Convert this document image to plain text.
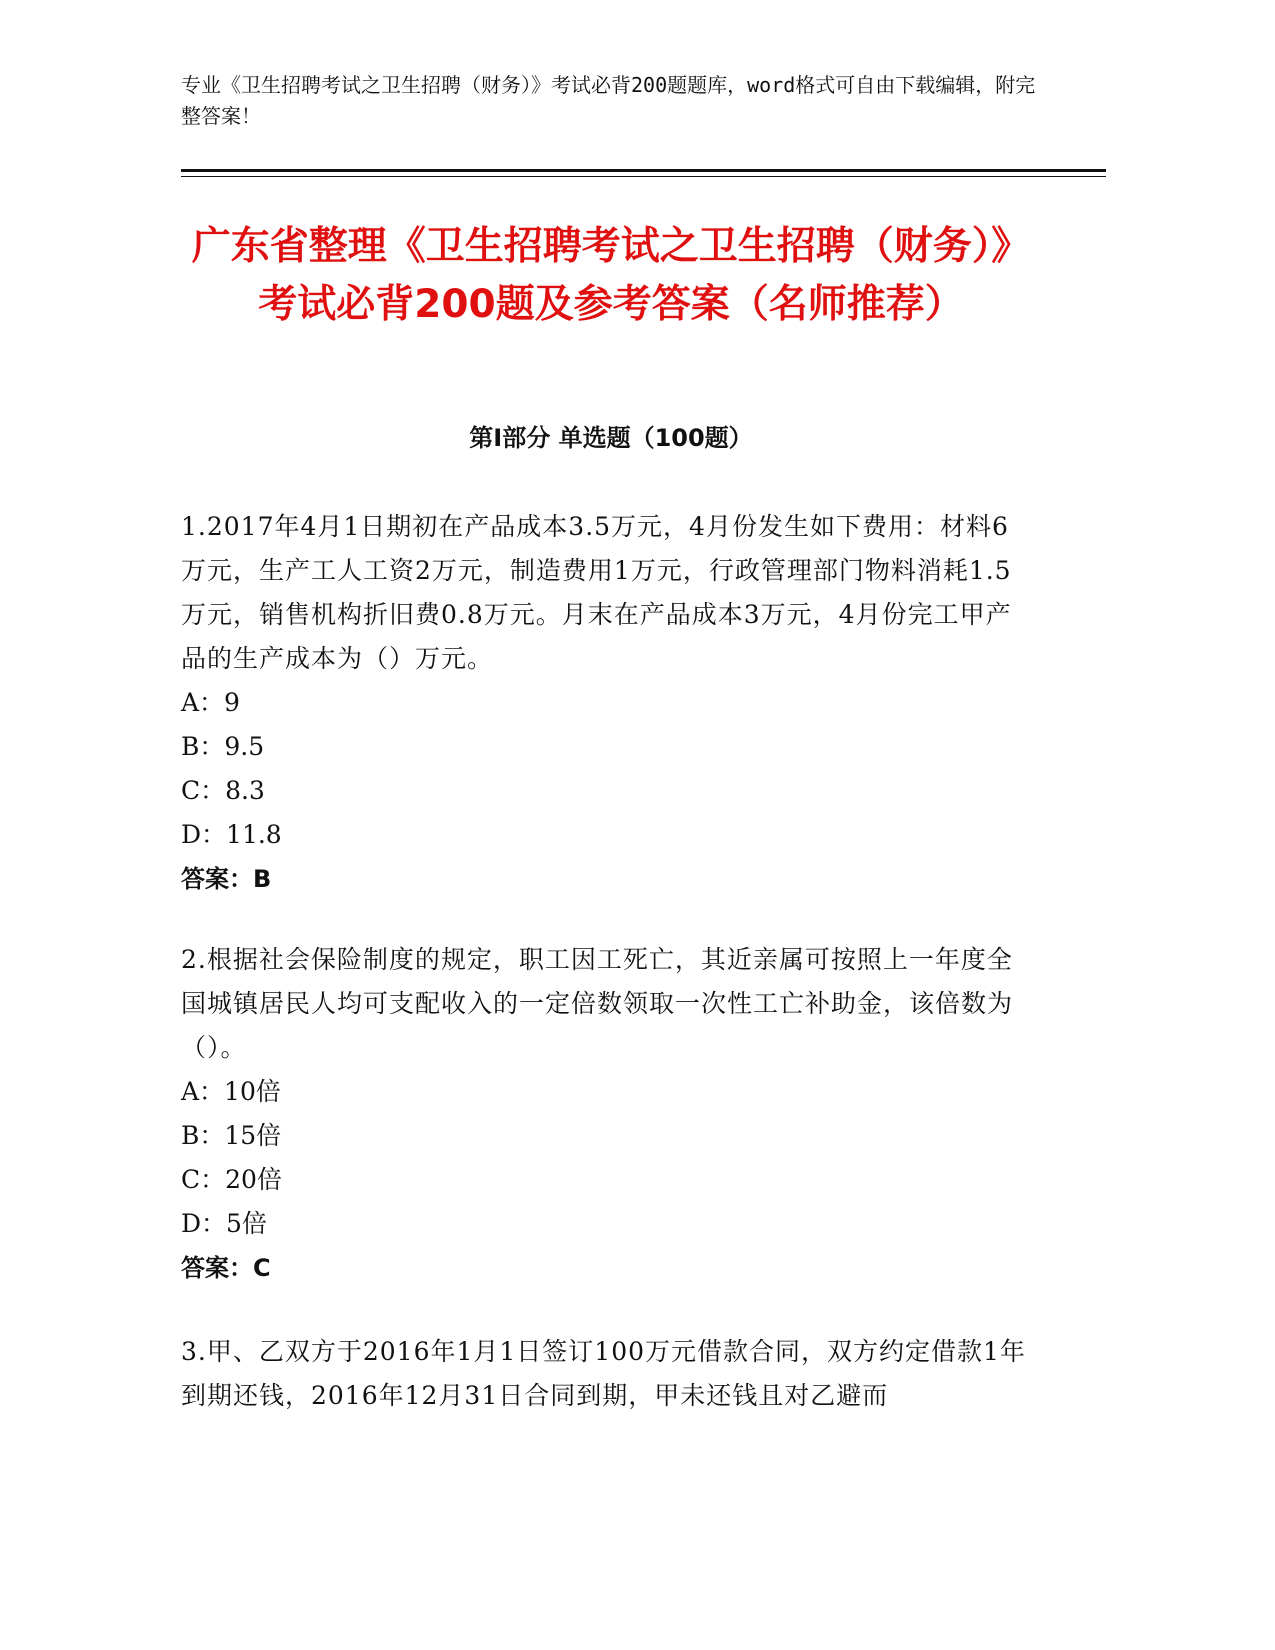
专业《卫生招聘考试之卫生招聘（财务）》考试必背200题题库，word格式可自由下载编辑，附完整答案！
广东省整理《卫生招聘考试之卫生招聘（财务）》考试必背200题及参考答案（名师推荐）
第I部分 单选题（100题）
1.2017年4月1日期初在产品成本3.5万元，4月份发生如下费用：材料6万元，生产工人工资2万元，制造费用1万元，行政管理部门物料消耗1.5万元，销售机构折旧费0.8万元。月末在产品成本3万元，4月份完工甲产品的生产成本为（）万元。
A：9
B：9.5
C：8.3
D：11.8
答案：B
2.根据社会保险制度的规定，职工因工死亡，其近亲属可按照上一年度全国城镇居民人均可支配收入的一定倍数领取一次性工亡补助金，该倍数为（）。
A：10倍
B：15倍
C：20倍
D：5倍
答案：C
3.甲、乙双方于2016年1月1日签订100万元借款合同，双方约定借款1年到期还钱，2016年12月31日合同到期，甲未还钱且对乙避而
